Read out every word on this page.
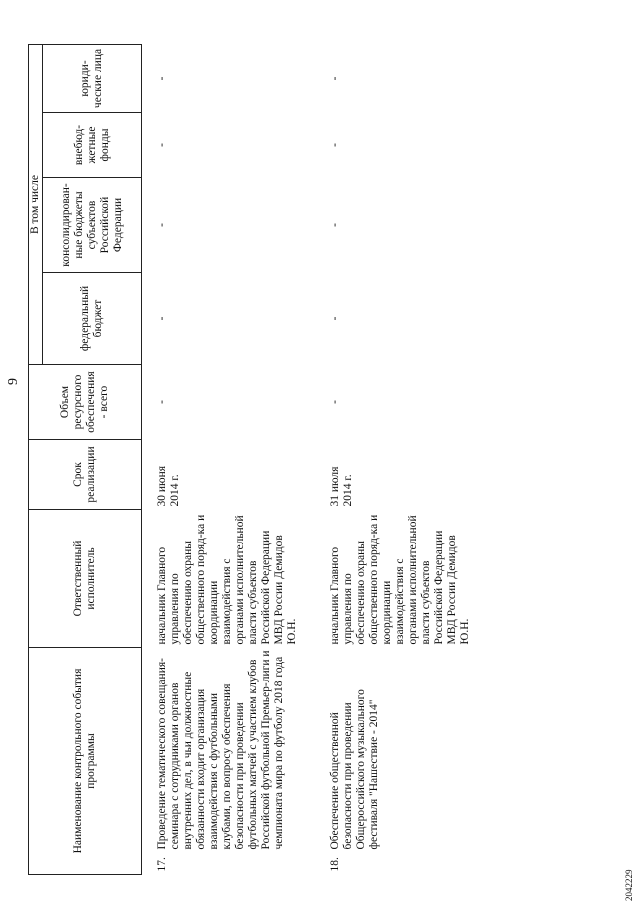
9
Наименование контрольного события программы		Ответственный исполнитель	Срок реализации	Объем ресурсного обеспечения - всего	В том числе			
					федеральный бюджет	консолидирован-ные бюджеты субъектов Российской Федерации	внебюд-жетные фонды	юриди-ческие лица
17.	Проведение тематического совещания-семинара с сотрудниками органов внутренних дел, в чьи должностные обязанности входит организация взаимодействия с футбольными клубами, по вопросу обеспечения безопасности при проведении футбольных матчей с участием клубов Российской футбольной Премьер-лиги и чемпионата мира по футболу 2018 года	начальник Главного управления по обеспечению охраны общественного поряд-ка и координации взаимодействия с органами исполнительной власти субъектов Российской Федерации МВД России Демидов Ю.Н.	30 июня 2014 г.	-	-	-	-	-
18.	Обеспечение общественной безопасности при проведении Общероссийского музыкального фестиваля "Нашествие - 2014"	начальник Главного управления по обеспечению охраны общественного поряд-ка и координации взаимодействия с органами исполнительной власти субъектов Российской Федерации МВД России Демидов Ю.Н.	31 июля 2014 г.	-	-	-	-	-
2042229
